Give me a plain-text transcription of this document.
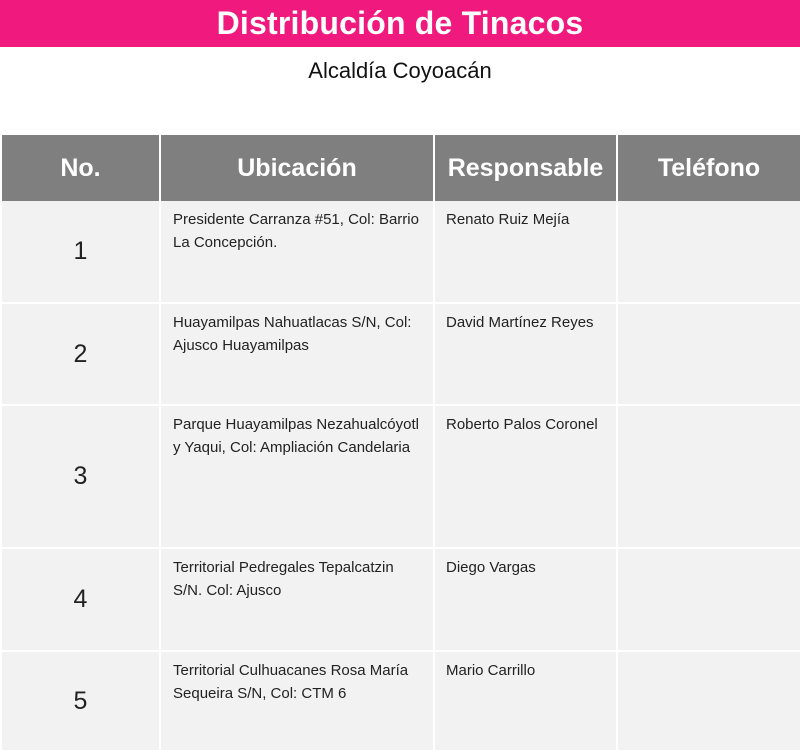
Distribución de Tinacos
Alcaldía Coyoacán
No.	Ubicación	Responsable	Teléfono
1	Presidente Carranza #51, Col: Barrio La Concepción.	Renato Ruiz Mejía	

2	Huayamilpas Nahuatlacas S/N, Col: Ajusco Huayamilpas	David Martínez Reyes	

3	Parque Huayamilpas Nezahualcóyotl y Yaqui, Col: Ampliación Candelaria	Roberto Palos Coronel	

4	Territorial Pedregales Tepalcatzin S/N. Col: Ajusco	Diego Vargas	

5	Territorial Culhuacanes Rosa María Sequeira S/N, Col: CTM 6	Mario Carrillo	
